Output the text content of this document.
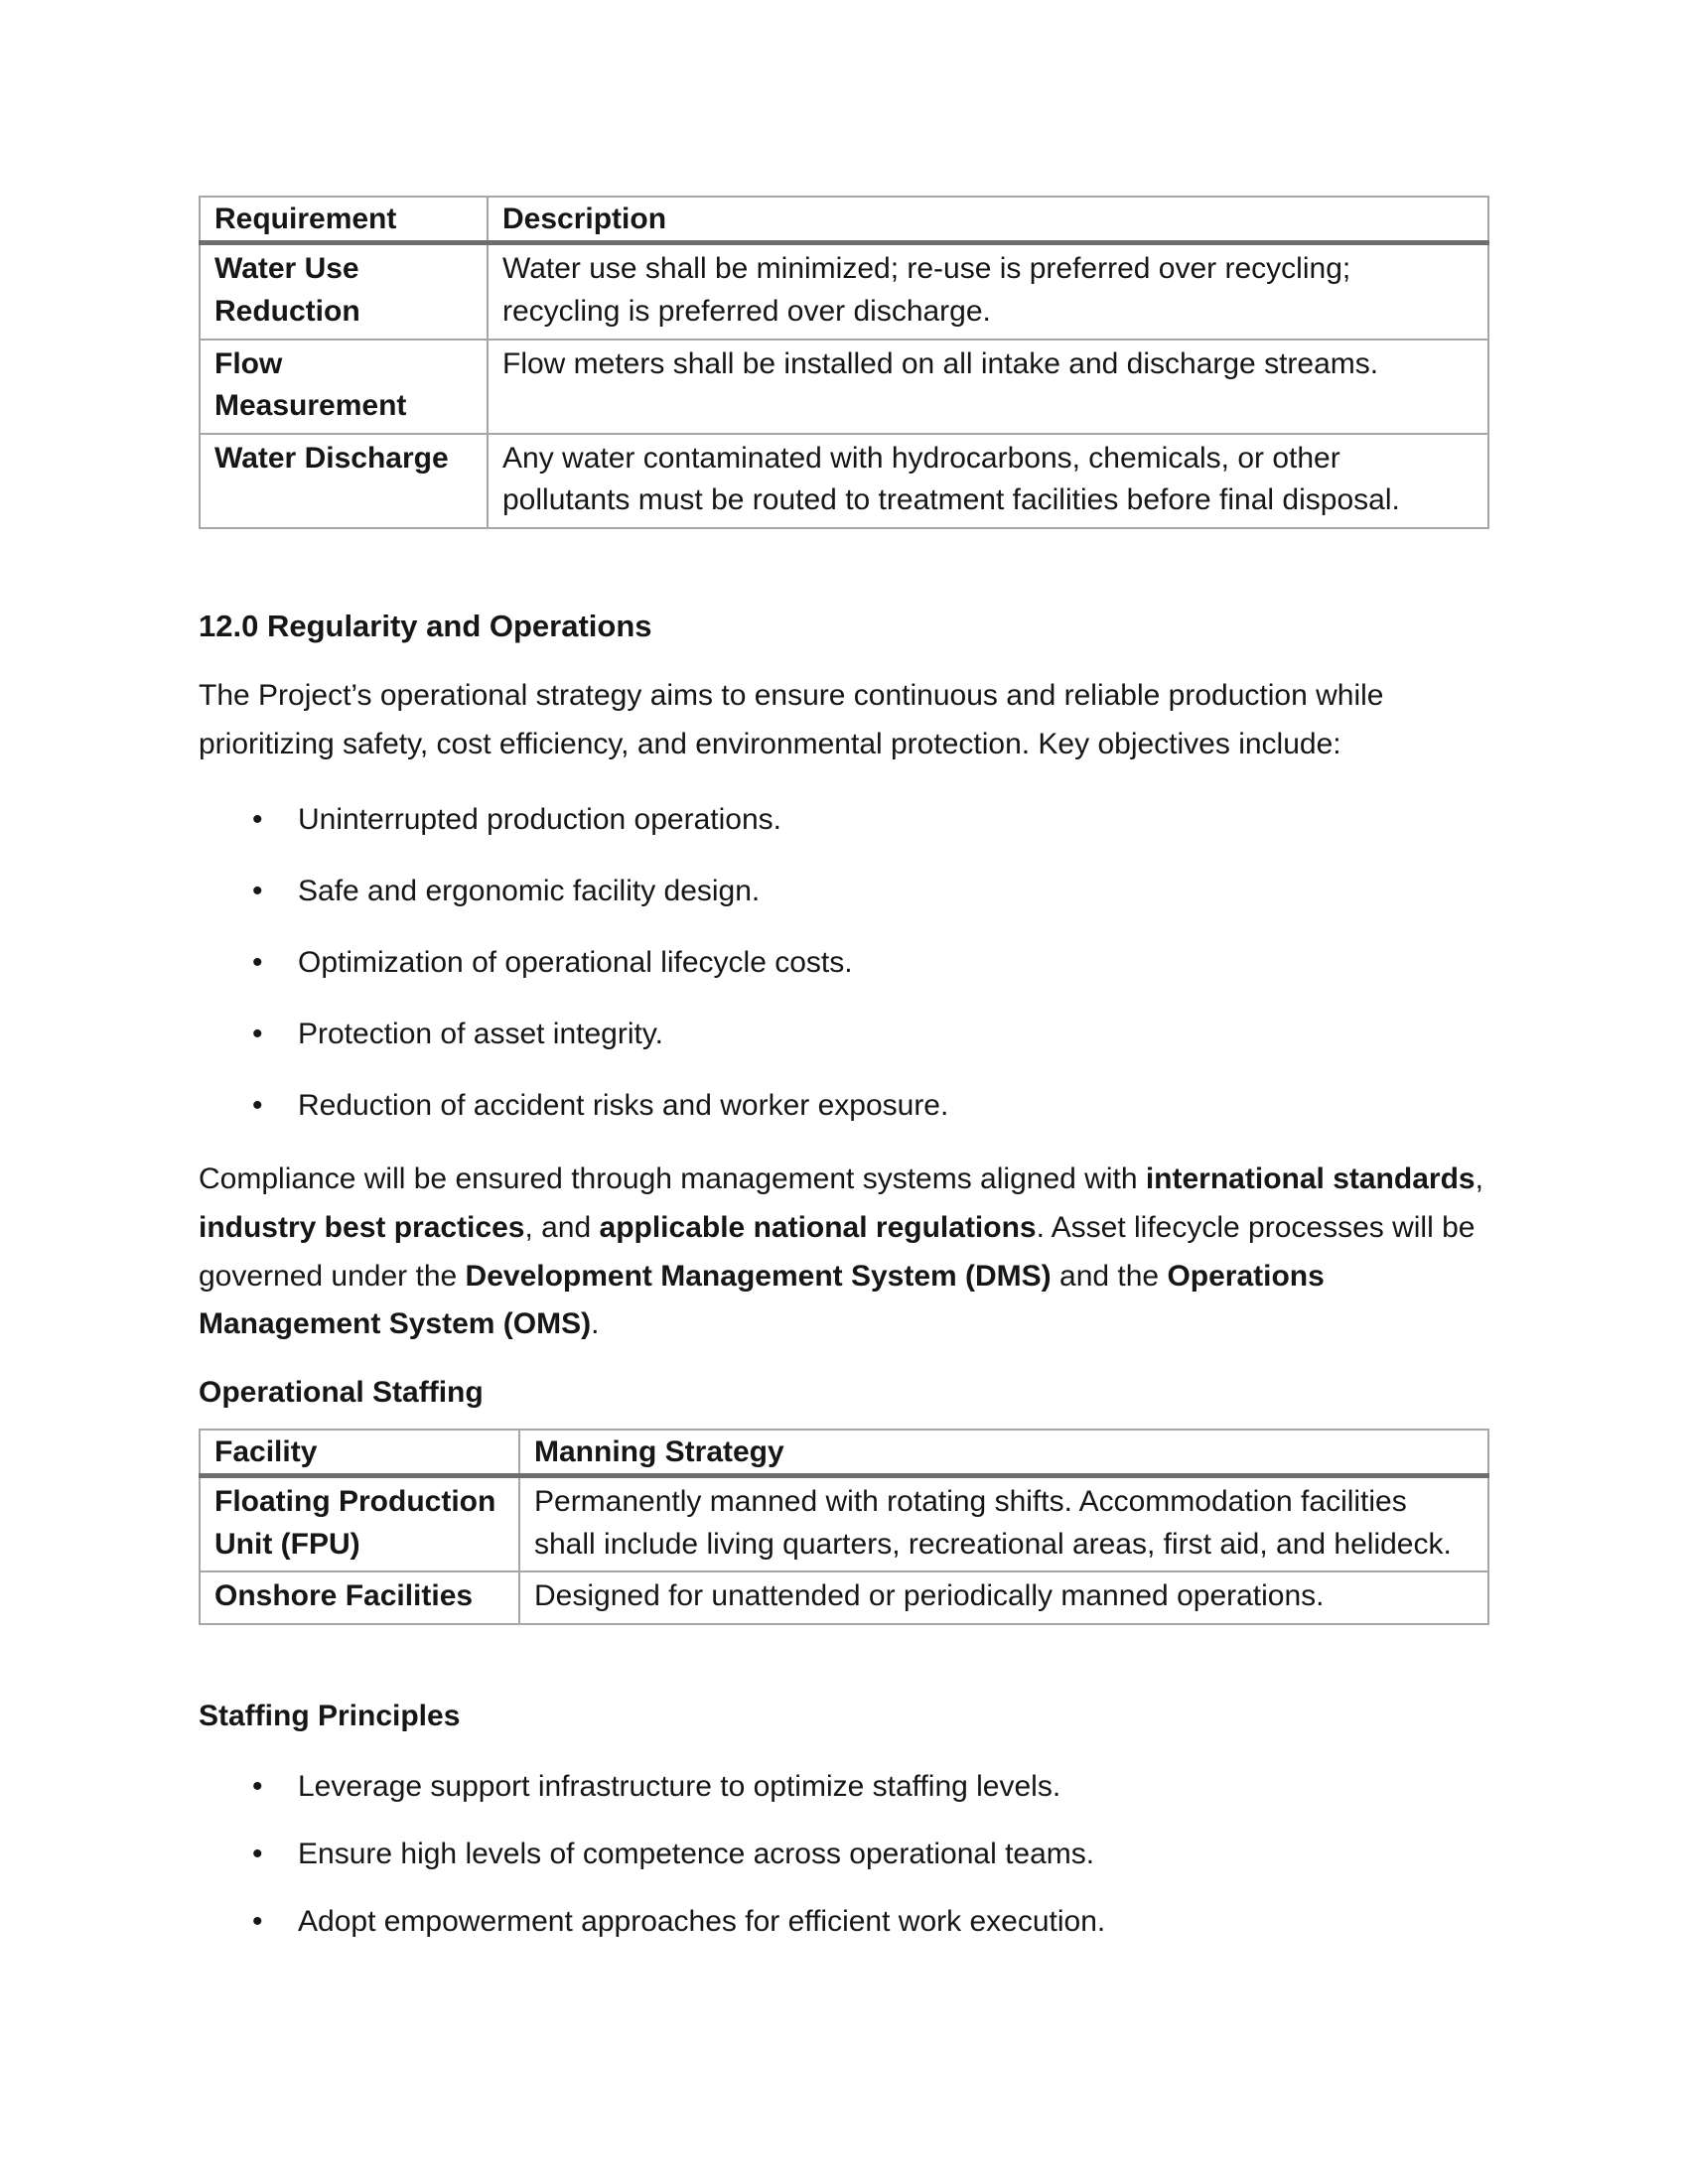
Requirement	Description
Water Use Reduction	Water use shall be minimized; re-use is preferred over recycling; recycling is preferred over discharge.
Flow Measurement	Flow meters shall be installed on all intake and discharge streams.
Water Discharge	Any water contaminated with hydrocarbons, chemicals, or other pollutants must be routed to treatment facilities before final disposal.
12.0 Regularity and Operations

The Project’s operational strategy aims to ensure continuous and reliable production while prioritizing safety, cost efficiency, and environmental protection. Key objectives include:

• Uninterrupted production operations.
• Safe and ergonomic facility design.
• Optimization of operational lifecycle costs.
• Protection of asset integrity.
• Reduction of accident risks and worker exposure.

Compliance will be ensured through management systems aligned with international standards, industry best practices, and applicable national regulations. Asset lifecycle processes will be governed under the Development Management System (DMS) and the Operations Management System (OMS).

Operational Staffing
Facility	Manning Strategy
Floating Production Unit (FPU)	Permanently manned with rotating shifts. Accommodation facilities shall include living quarters, recreational areas, first aid, and helideck.
Onshore Facilities	Designed for unattended or periodically manned operations.
Staffing Principles
• Leverage support infrastructure to optimize staffing levels.
• Ensure high levels of competence across operational teams.
• Adopt empowerment approaches for efficient work execution.
